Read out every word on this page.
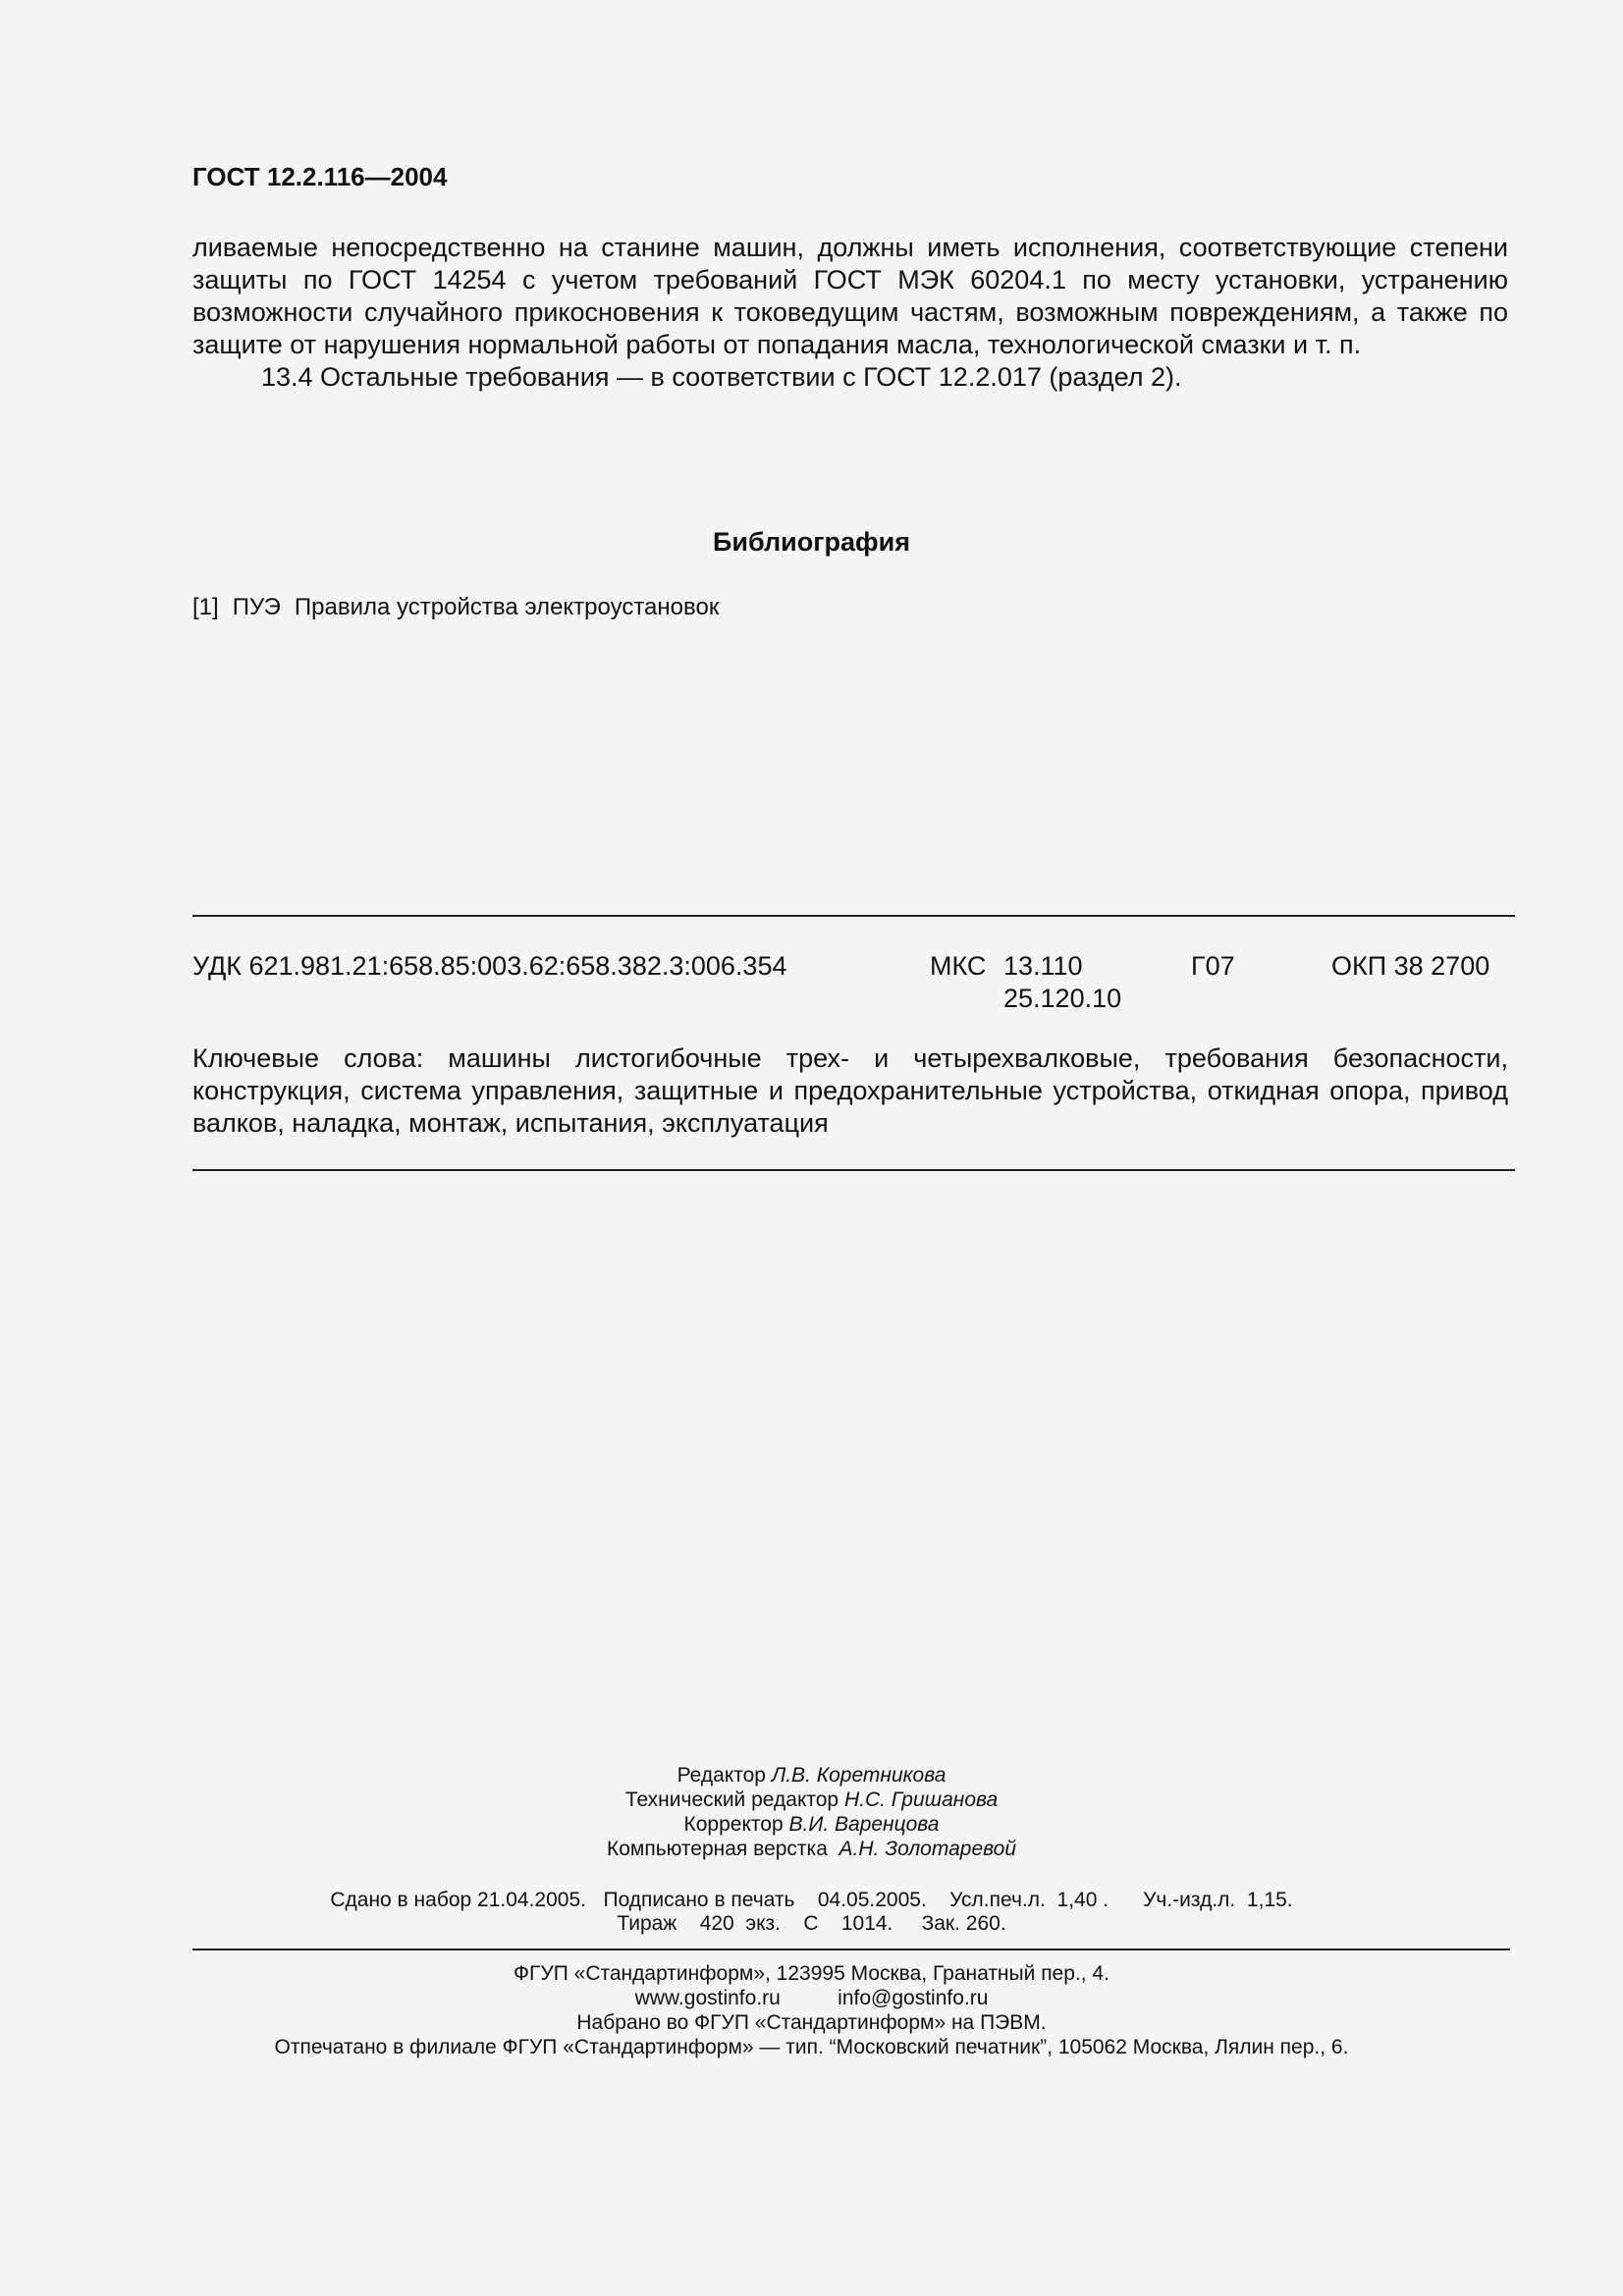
ГОСТ 12.2.116—2004
ливаемые непосредственно на станине машин, должны иметь исполнения, соответствующие степени защиты по ГОСТ 14254 с учетом требований ГОСТ МЭК 60204.1 по месту установки, устранению возможности случайного прикосновения к токоведущим частям, возможным повреждениям, а также по защите от нарушения нормальной работы от попадания масла, технологической смазки и т. п.
13.4 Остальные требования — в соответствии с ГОСТ 12.2.017 (раздел 2).
Библиография
[1] ПУЭ Правила устройства электроустановок
УДК 621.981.21:658.85:003.62:658.382.3:006.354	МКС 13.110
25.120.10
Г07	ОКП 38 2700
Ключевые слова: машины листогибочные трех- и четырехвалковые, требования безопасности, конструкция, система управления, защитные и предохранительные устройства, откидная опора, привод валков, наладка, монтаж, испытания, эксплуатация
Редактор Л.В. Коретникова
Технический редактор Н.С. Гришанова
Корректор В.И. Варенцова
Компьютерная верстка А.Н. Золотаревой
Сдано в набор 21.04.2005.   Подписано в печать    04.05.2005.    Усл.печ.л.  1,40 .      Уч.-изд.л.  1,15.
Тираж    420  экз.    С    1014.     Зак. 260.
ФГУП «Стандартинформ», 123995 Москва, Гранатный пер., 4.
www.gostinfo.ru          info@gostinfo.ru
Набрано во ФГУП «Стандартинформ» на ПЭВМ.
Отпечатано в филиале ФГУП «Стандартинформ» — тип. “Московский печатник”, 105062 Москва, Лялин пер., 6.
